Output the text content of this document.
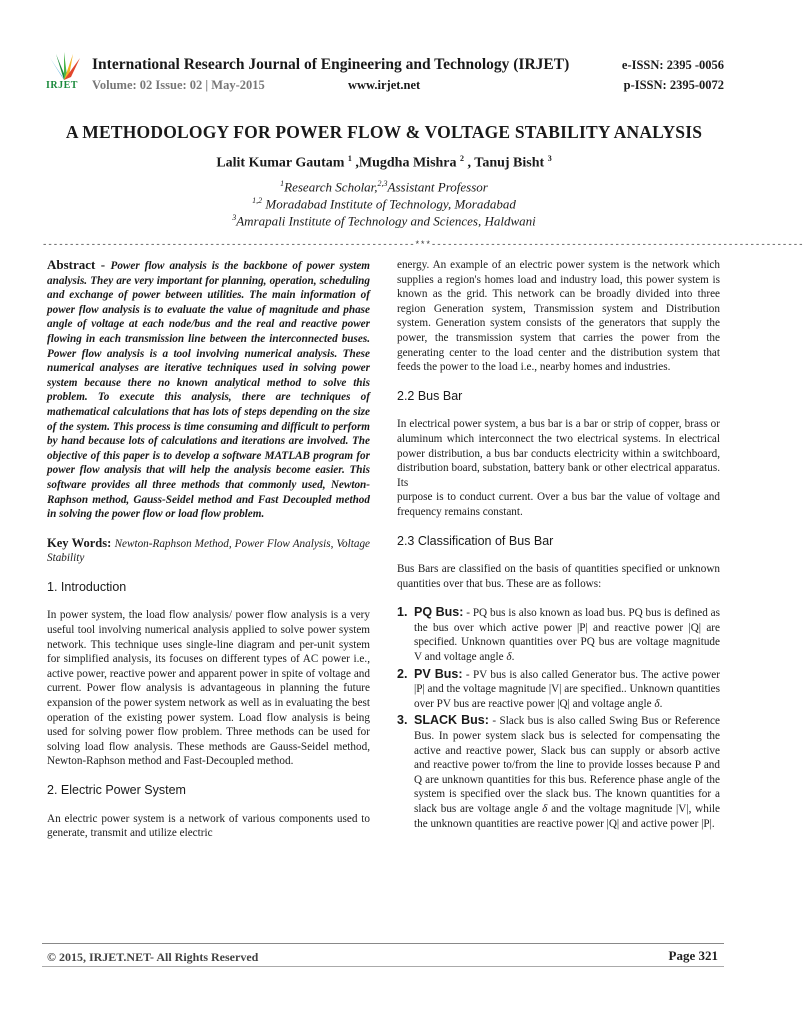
IRJET
International Research Journal of Engineering and Technology (IRJET)
Volume: 02 Issue: 02 | May-2015	www.irjet.net
e-ISSN: 2395 -0056
p-ISSN: 2395-0072
A METHODOLOGY FOR POWER FLOW & VOLTAGE STABILITY ANALYSIS
Lalit Kumar Gautam $^1$ ,Mugdha Mishra $^2$ , Tanuj Bisht $^3$
$^1$Research Scholar,$^{2,3}$Assistant Professor
$^{1,2}$ Moradabad Institute of Technology, Moradabad
$^3$Amrapali Institute of Technology and Sciences, Haldwani
---------------------------------------------------------------------***---------------------------------------------------------------------

Abstract - Power flow analysis is the backbone of power system analysis. They are very important for planning, operation, scheduling and exchange of power between utilities. The main information of power flow analysis is to evaluate the value of magnitude and phase angle of voltage at each node/bus and the real and reactive power flowing in each transmission line between the interconnected buses. Power flow analysis is a tool involving numerical analysis. These numerical analyses are iterative techniques used in solving power system because there no known analytical method to solve this problem. To execute this analysis, there are techniques of mathematical calculations that has lots of steps depending on the size of the system. This process is time consuming and difficult to perform by hand because lots of calculations and iterations are involved. The objective of this paper is to develop a software MATLAB program for power flow analysis that will help the analysis become easier. This software provides all three methods that commonly used, Newton-Raphson method, Gauss-Seidel method and Fast Decoupled method in solving the power flow or load flow problem.

Key Words: Newton-Raphson Method, Power Flow Analysis, Voltage Stability

1. Introduction

In power system, the load flow analysis/ power flow analysis is a very useful tool involving numerical analysis applied to solve power system network. This technique uses single-line diagram and per-unit system for simplified analysis, its focuses on different types of AC power i.e., active power, reactive power and apparent power in spite of voltage and current. Power flow analysis is advantageous in planning the future expansion of the power system network as well as in evaluating the best operation of the existing power system. Load flow analysis is being used for solving power flow problem. Three methods can be used for solving load flow analysis. These methods are Gauss-Seidel method, Newton-Raphson method and Fast-Decoupled method.

2. Electric Power System

An electric power system is a network of various components used to generate, transmit and utilize electric

energy. An example of an electric power system is the network which supplies a region's homes load and industry load, this power system is known as the grid. This network can be broadly divided into three region Generation system, Transmission system and Distribution system. Generation system consists of the generators that supply the power, the transmission system that carries the power from the generating center to the load center and the distribution system that feeds the power to the load i.e., nearby homes and industries.

2.2 Bus Bar

In electrical power system, a bus bar is a bar or strip of copper, brass or aluminum which interconnect the two electrical systems. In electrical power distribution, a bus bar conducts electricity within a switchboard, distribution board, substation, battery bank or other electrical apparatus. Its
purpose is to conduct current. Over a bus bar the value of voltage and frequency remains constant.

2.3 Classification of Bus Bar

Bus Bars are classified on the basis of quantities specified or unknown quantities over that bus. These are as follows:

1. PQ Bus: - PQ bus is also known as load bus. PQ bus is defined as the bus over which active power |P| and reactive power |Q| are specified. Unknown quantities over PQ bus are voltage magnitude V and voltage angle δ.
2. PV Bus: - PV bus is also called Generator bus. The active power |P| and the voltage magnitude |V| are specified.. Unknown quantities over PV bus are reactive power |Q| and voltage angle δ.
3. SLACK Bus: - Slack bus is also called Swing Bus or Reference Bus. In power system slack bus is selected for compensating the active and reactive power, Slack bus can supply or absorb active and reactive power to/from the line to provide losses because P and Q are unknown quantities for this bus. Reference phase angle of the system is specified over the slack bus. The known quantities for a slack bus are voltage angle δ and the voltage magnitude |V|, while the unknown quantities are reactive power |Q| and active power |P|.
© 2015, IRJET.NET- All Rights Reserved	Page 321
